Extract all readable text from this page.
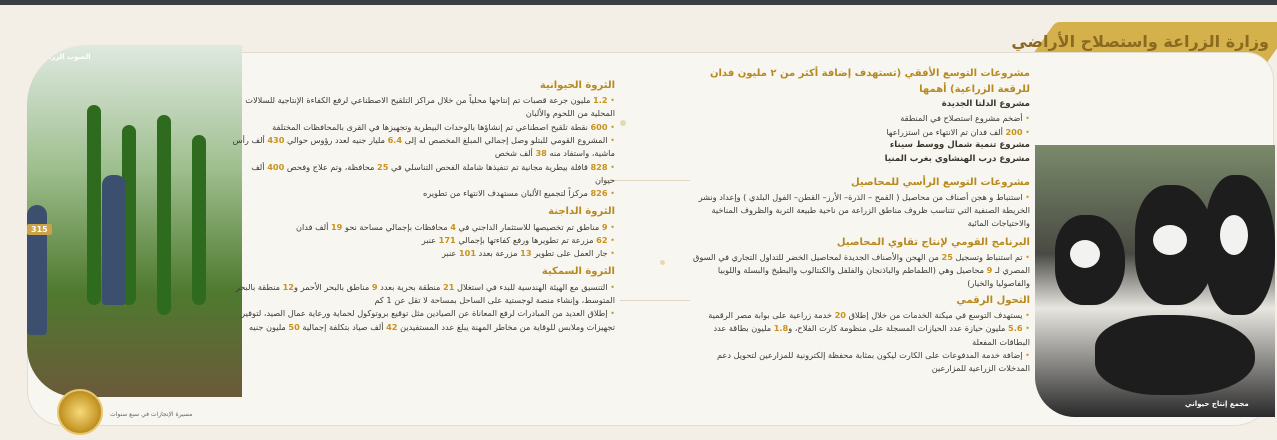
وزارة الزراعة واستصلاح الأراضي
الصوب الزراعية
315
مجمع إنتاج حيواني
مسيرة الإنجازات في سبع سنوات
الثروة الحيوانية

• 1.2 مليون جرعة قصبات تم إنتاجها محلياً من خلال مراكز التلقيح الاصطناعي لرفع الكفاءة الإنتاجية للسلالات المحلية من اللحوم والألبان

• 600 نقطة تلقيح اصطناعي تم إنشاؤها بالوحدات البيطرية وتجهيزها في القرى بالمحافظات المختلفة

• المشروع القومي للبتلو وصل إجمالي المبلغ المخصص له إلى 6.4 مليار جنيه لعدد رؤوس حوالي 430 ألف رأس ماشية، واستفاد منه 38 ألف شخص

• 828 قافلة بيطرية مجانية تم تنفيذها شاملة الفحص التناسلي في 25 محافظة، وتم علاج وفحص 400 ألف حيوان

• 826 مركزاً لتجميع الألبان مستهدف الانتهاء من تطويره

الثروة الداجنة

• 9 مناطق تم تخصيصها للاستثمار الداجني في 4 محافظات بإجمالي مساحة نحو 19 ألف فدان

• 62 مزرعة تم تطويرها ورفع كفاءتها بإجمالي 171 عنبر

• جار العمل على تطوير 13 مزرعة بعدد 101 عنبر

الثروة السمكية

• التنسيق مع الهيئة الهندسية للبدء في استغلال 21 منطقة بحرية بعدد 9 مناطق بالبحر الأحمر و12 منطقة بالبحر المتوسط، وإنشاء منصة لوجستية على الساحل بمساحة لا تقل عن 1 كم

• إطلاق العديد من المبادرات لرفع المعاناة عن الصيادين مثل توقيع بروتوكول لحماية ورعاية عمال الصيد، لتوفير تجهيزات وملابس للوقاية من مخاطر المهنة يبلغ عدد المستفيدين 42 ألف صياد بتكلفة إجمالية 50 مليون جنيه

مشروعات التوسع الأفقي (تستهدف إضافة أكثر من ٢ مليون فدان للرقعة الزراعية) أهمها

مشروع الدلتا الجديدة

• أضخم مشروع استصلاح في المنطقة

• 200 ألف فدان تم الانتهاء من استزراعها

مشروع تنمية شمال ووسط سيناء

مشروع درب الهنشاوي بغرب المنيا

مشروعات التوسع الرأسي للمحاصيل

• استنباط و هجن أصناف من محاصيل ( القمح – الذرة– الأرز– القطن– الفول البلدي ) وإعداد ونشر الخريطة الصنفية التي تتناسب ظروف مناطق الزراعة من ناحية طبيعة التربة والظروف المناخية والاحتياجات المائية

البرنامج القومي لإنتاج تقاوي المحاصيل

• تم استنباط وتسجيل 25 من الهجن والأصناف الجديدة لمحاصيل الخضر للتداول التجاري في السوق المصري لـ 9 محاصيل وهي (الطماطم والباذنجان والفلفل والكنتالوب والبطيخ والبسلة واللوبيا والفاصوليا والخيار)

التحول الرقمي

• يستهدف التوسع في ميكنة الخدمات من خلال إطلاق 20 خدمة زراعية على بوابة مصر الرقمية

• 5.6 مليون حيازة عدد الحيازات المسجلة على منظومة كارت الفلاح، و1.8 مليون بطاقة عدد البطاقات المفعلة

• إضافة خدمة المدفوعات على الكارت ليكون بمثابة محفظة إلكترونية للمزارعين لتحويل دعم المدخلات الزراعية للمزارعين
